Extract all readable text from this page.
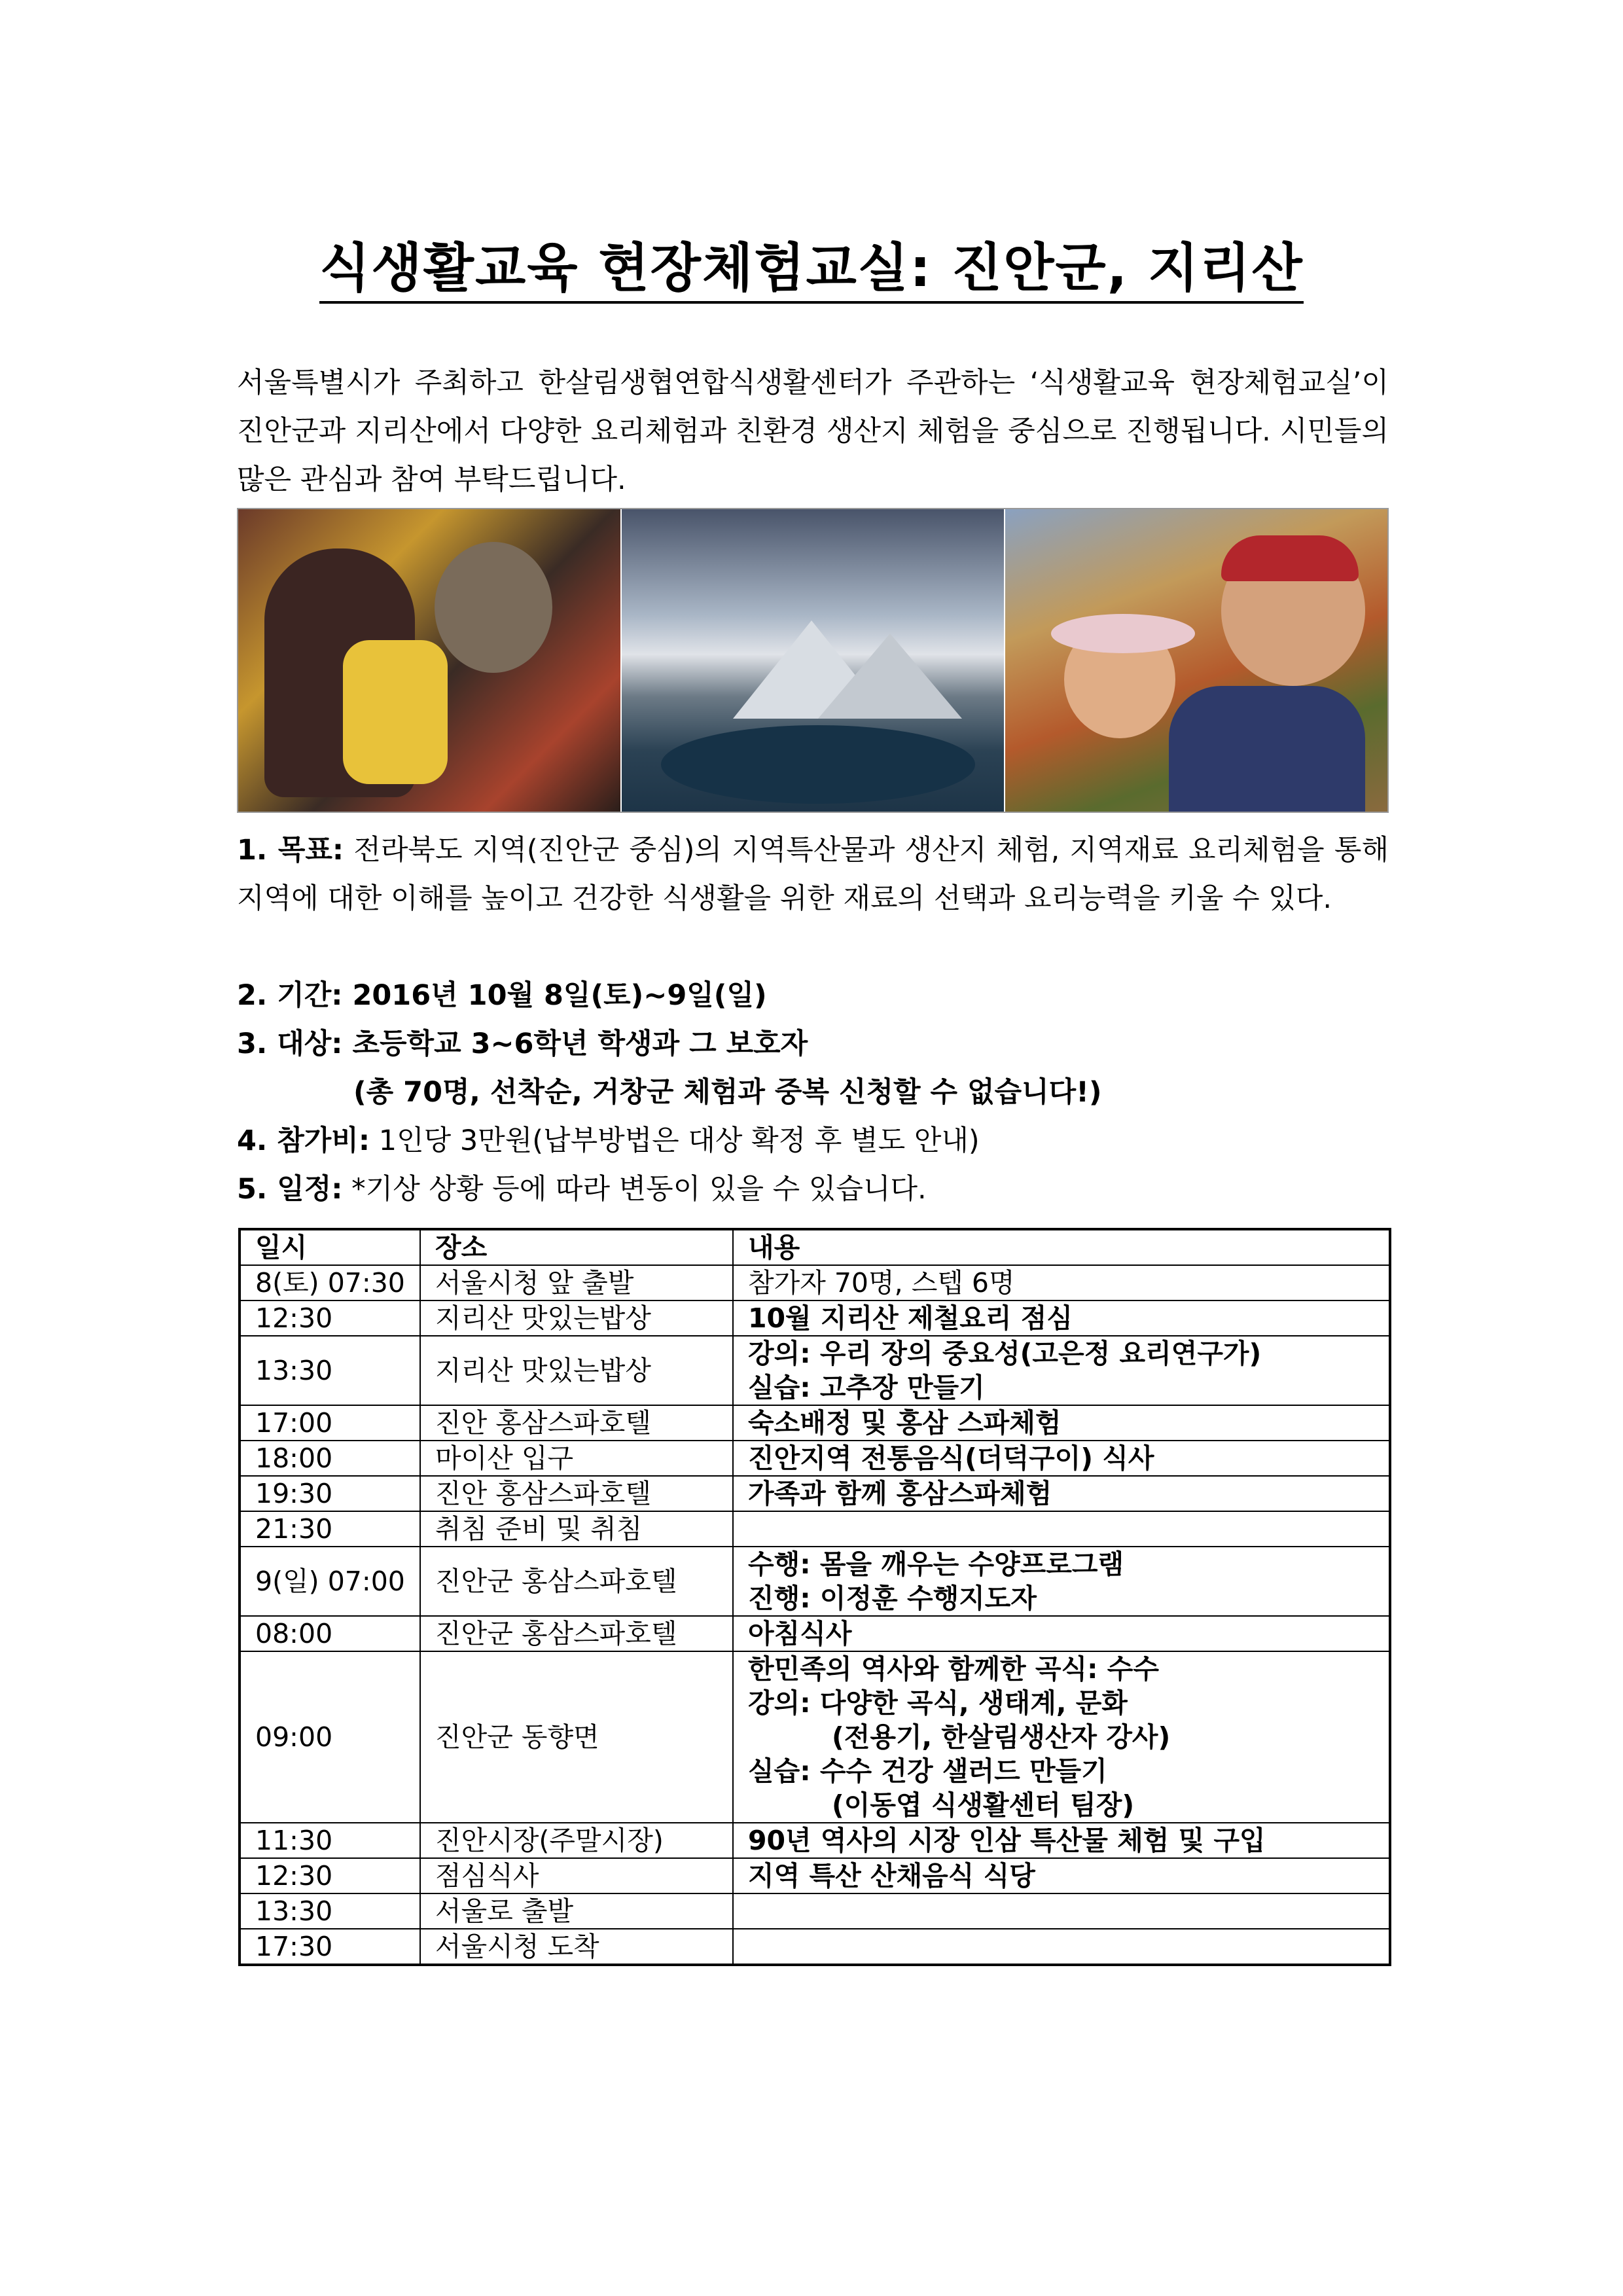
식생활교육 현장체험교실: 진안군, 지리산
서울특별시가 주최하고 한살림생협연합식생활센터가 주관하는 ‘식생활교육 현장체험교실’이 진안군과 지리산에서 다양한 요리체험과 친환경 생산지 체험을 중심으로 진행됩니다. 시민들의 많은 관심과 참여 부탁드립니다.
1. 목표: 전라북도 지역(진안군 중심)의 지역특산물과 생산지 체험, 지역재료 요리체험을 통해 지역에 대한 이해를 높이고 건강한 식생활을 위한 재료의 선택과 요리능력을 키울 수 있다.
2. 기간: 2016년 10월 8일(토)~9일(일)
3. 대상: 초등학교 3~6학년 학생과 그 보호자
(총 70명, 선착순, 거창군 체험과 중복 신청할 수 없습니다!)
4. 참가비: 1인당 3만원(납부방법은 대상 확정 후 별도 안내)
5. 일정: *기상 상황 등에 따라 변동이 있을 수 있습니다.
일시	장소	내용
8(토) 07:30	서울시청 앞 출발	참가자 70명, 스텝 6명

12:30	지리산 맛있는밥상	10월 지리산 제철요리 점심

13:30	지리산 맛있는밥상	강의: 우리 장의 중요성(고은정 요리연구가)
실습: 고추장 만들기

17:00	진안 홍삼스파호텔	숙소배정 및 홍삼 스파체험

18:00	마이산 입구	진안지역 전통음식(더덕구이) 식사

19:30	진안 홍삼스파호텔	가족과 함께 홍삼스파체험

21:30	취침 준비 및 취침	

9(일) 07:00	진안군 홍삼스파호텔	수행: 몸을 깨우는 수양프로그램
진행: 이정훈 수행지도자

08:00	진안군 홍삼스파호텔	아침식사

09:00	진안군 동향면	한민족의 역사와 함께한 곡식: 수수
강의: 다양한 곡식, 생태계, 문화
(전용기, 한살림생산자 강사)
실습: 수수 건강 샐러드 만들기
(이동엽 식생활센터 팀장)

11:30	진안시장(주말시장)	90년 역사의 시장 인삼 특산물 체험 및 구입

12:30	점심식사	지역 특산 산채음식 식당

13:30	서울로 출발	

17:30	서울시청 도착	
